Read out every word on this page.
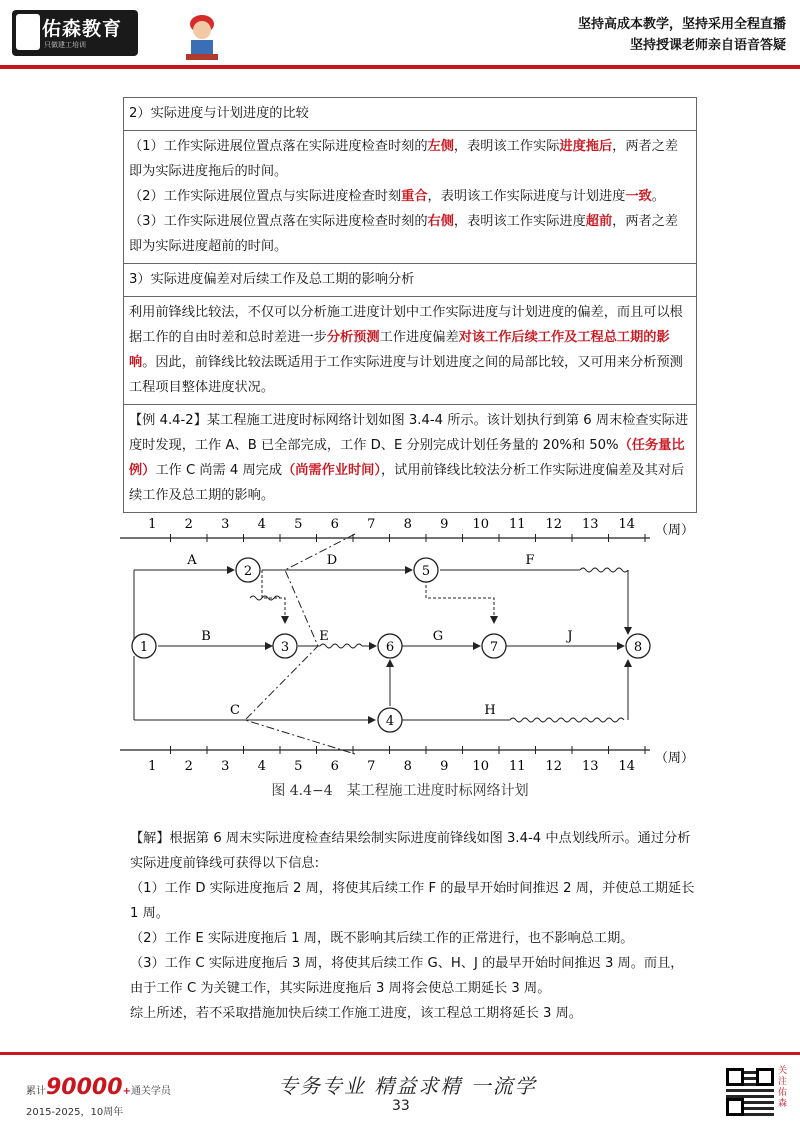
佑森教育
只做建工培训
坚持高成本教学，坚持采用全程直播
坚持授课老师亲自语音答疑
2）实际进度与计划进度的比较
（1）工作实际进展位置点落在实际进度检查时刻的左侧，表明该工作实际进度拖后，两者之差即为实际进度拖后的时间。
（2）工作实际进展位置点与实际进度检查时刻重合，表明该工作实际进度与计划进度一致。
（3）工作实际进展位置点落在实际进度检查时刻的右侧，表明该工作实际进度超前，两者之差即为实际进度超前的时间。
3）实际进度偏差对后续工作及总工期的影响分析
利用前锋线比较法，不仅可以分析施工进度计划中工作实际进度与计划进度的偏差，而且可以根据工作的自由时差和总时差进一步分析预测工作进度偏差对该工作后续工作及工程总工期的影响。因此，前锋线比较法既适用于工作实际进度与计划进度之间的局部比较，又可用来分析预测工程项目整体进度状况。
【例 4.4-2】某工程施工进度时标网络计划如图 3.4-4 所示。该计划执行到第 6 周末检查实际进度时发现，工作 A、B 已全部完成，工作 D、E 分别完成计划任务量的 20%和 50%（任务量比例）工作 C 尚需 4 周完成（尚需作业时间），试用前锋线比较法分析工作实际进度偏差及其对后续工作及总工期的影响。
1 2 3 4 5 6 7 8 9 10 11 12 13 14 （周）
1 2 3 4 5 6 7 8 9 10 11 12 13 14
（周）
1
2
3
4
5
6	7	8
A
B
C
D
E
F
G
H
J
图 4.4−4　某工程施工进度时标网络计划

【解】根据第 6 周末实际进度检查结果绘制实际进度前锋线如图 3.4-4 中点划线所示。通过分析实际进度前锋线可获得以下信息:

（1）工作 D 实际进度拖后 2 周，将使其后续工作 F 的最早开始时间推迟 2 周，并使总工期延长 1 周。

（2）工作 E 实际进度拖后 1 周，既不影响其后续工作的正常进行，也不影响总工期。

（3）工作 C 实际进度拖后 3 周，将使其后续工作 G、H、J 的最早开始时间推迟 3 周。而且，由于工作 C 为关键工作，其实际进度拖后 3 周将会使总工期延长 3 周。

综上所述，若不采取措施加快后续工作施工进度，该工程总工期将延长 3 周。

累计90000+通关学员
2015-2025，10周年
专务专业 精益求精 一流学
33
关注佑森
